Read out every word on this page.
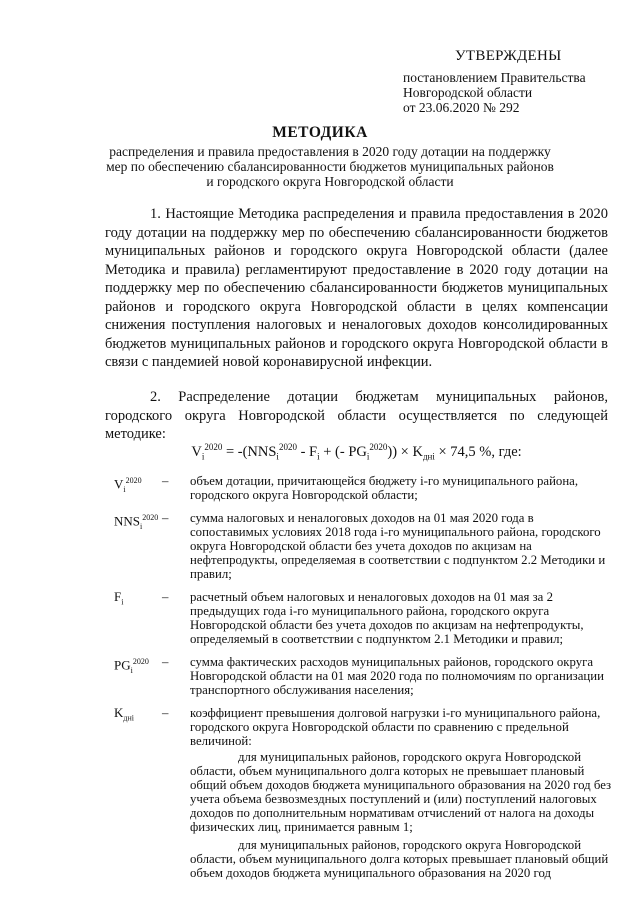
УТВЕРЖДЕНЫ
постановлением Правительства
Новгородской области
от 23.06.2020 № 292
МЕТОДИКА
распределения и правила предоставления в 2020 году дотации на поддержку
мер по обеспечению сбалансированности бюджетов муниципальных районов
и городского округа Новгородской области
1. Настоящие Методика распределения и правила предоставления в 2020 году дотации на поддержку мер по обеспечению сбалансированности бюджетов муниципальных районов и городского округа Новгородской области (далее Методика и правила) регламентируют предоставление в 2020 году дотации на поддержку мер по обеспечению сбалансированности бюджетов муниципальных районов и городского округа Новгородской области в целях компенсации снижения поступления налоговых и неналоговых доходов консолидированных бюджетов муниципальных районов и городского округа Новгородской области в связи с пандемией новой коронавирусной инфекции.
2. Распределение дотации бюджетам муниципальных районов, городского округа Новгородской области осуществляется по следующей методике:
$V_i^{2020} = -(NNS_i^{2020} - F_i$ + (- $PG_i^{2020})) \times K_{дні} \times 74,5$ %, где:
$V_i^{2020}$	–	объем дотации, причитающейся бюджету i-го муниципального района, городского округа Новгородской области;
$NNS_i^{2020}$ –	сумма налоговых и неналоговых доходов на 01 мая 2020 года в сопоставимых условиях 2018 года i-го муниципального района, городского округа Новгородской области без учета доходов по акцизам на нефтепродукты, определяемая в соответствии с подпунктом 2.2 Методики и правил;
$F_i$	–	расчетный объем налоговых и неналоговых доходов на 01 мая за 2 предыдущих года i-го муниципального района, городского округа Новгородской области без учета доходов по акцизам на нефтепродукты, определяемый в соответствии с подпунктом 2.1 Методики и правил;
$PG_i^{2020}$	–	сумма фактических расходов муниципальных районов, городского округа Новгородской области на 01 мая 2020 года по полномочиям по организации транспортного обслуживания населения;
$K_{дні}$	–	коэффициент превышения долговой нагрузки i-го муниципального района, городского округа Новгородской области по сравнению с предельной величиной:
для муниципальных районов, городского округа Новгородской области, объем муниципального долга которых не превышает плановый общий объем доходов бюджета муниципального образования на 2020 год без учета объема безвозмездных поступлений и (или) поступлений налоговых доходов по дополнительным нормативам отчислений от налога на доходы физических лиц, принимается равным 1;
для муниципальных районов, городского округа Новгородской области, объем муниципального долга которых превышает плановый общий объем доходов бюджета муниципального образования на 2020 год
